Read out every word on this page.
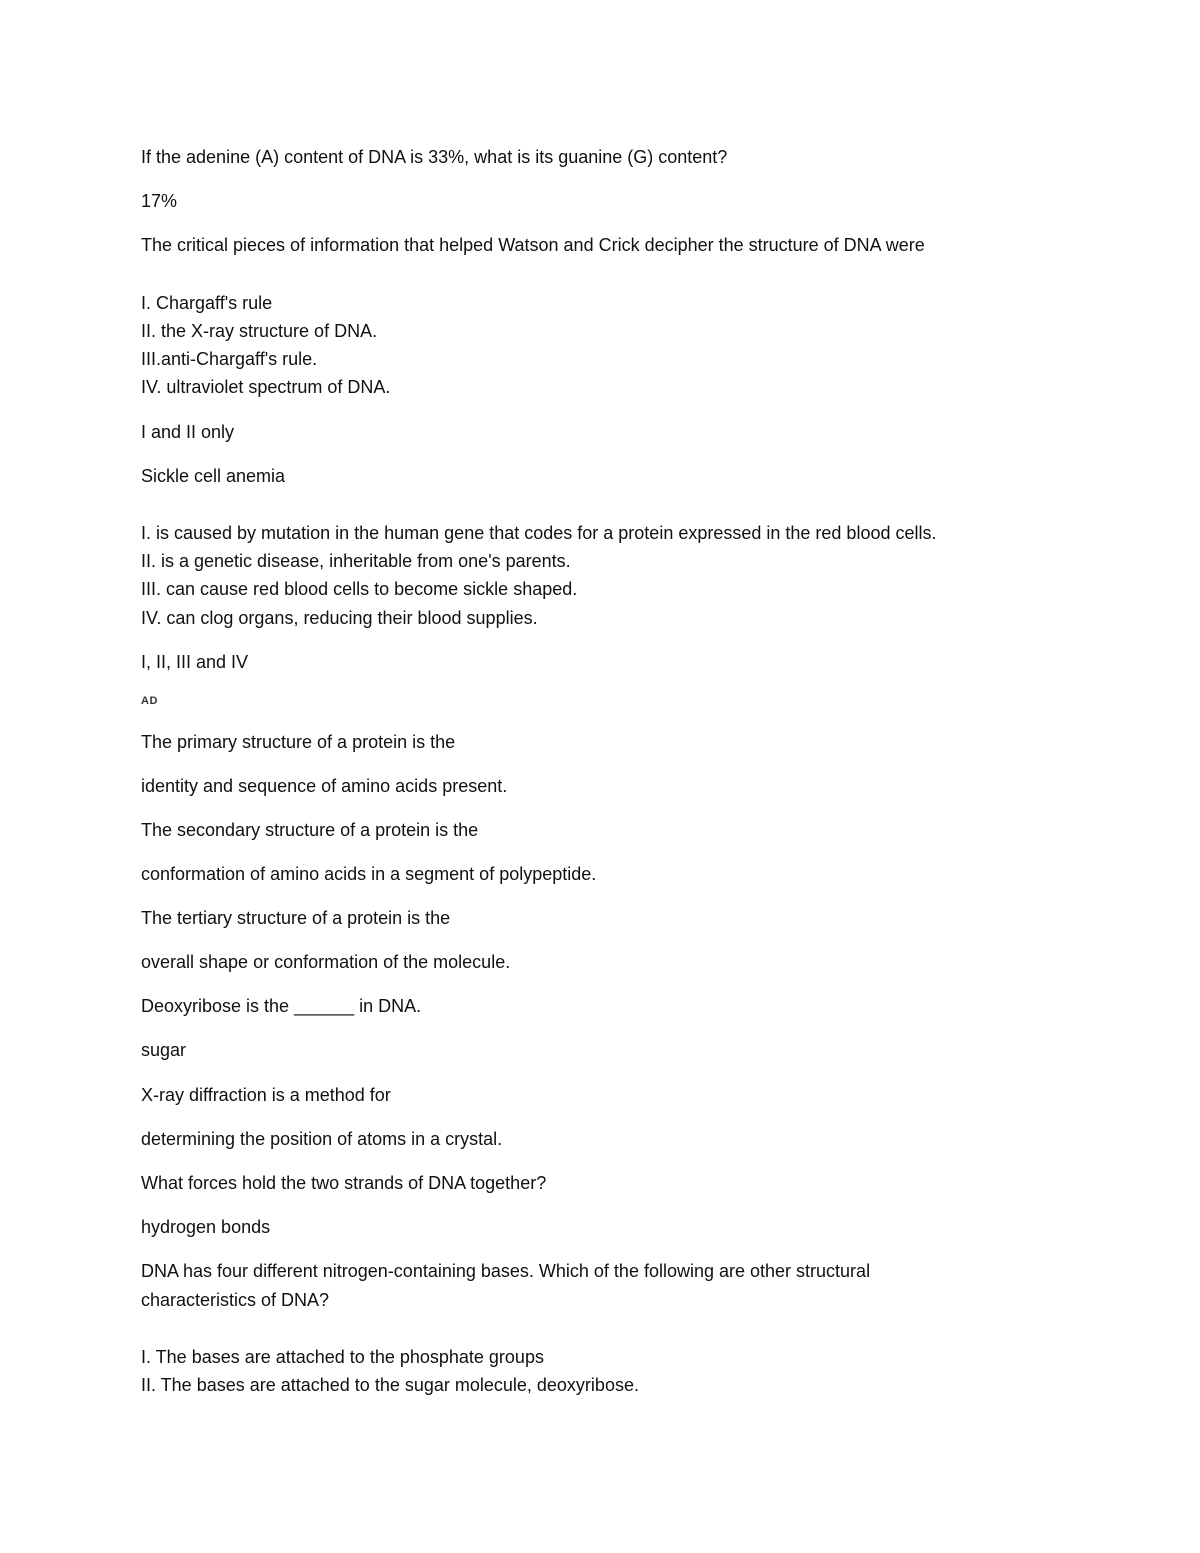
If the adenine (A) content of DNA is 33%, what is its guanine (G) content?
17%
The critical pieces of information that helped Watson and Crick decipher the structure of DNA were
I. Chargaff's rule
II. the X-ray structure of DNA.
III.anti-Chargaff's rule.
IV. ultraviolet spectrum of DNA.
I and II only
Sickle cell anemia
I. is caused by mutation in the human gene that codes for a protein expressed in the red blood cells.
II. is a genetic disease, inheritable from one's parents.
III. can cause red blood cells to become sickle shaped.
IV. can clog organs, reducing their blood supplies.
I, II, III and IV
AD
The primary structure of a protein is the
identity and sequence of amino acids present.
The secondary structure of a protein is the
conformation of amino acids in a segment of polypeptide.
The tertiary structure of a protein is the
overall shape or conformation of the molecule.
Deoxyribose is the ______ in DNA.
sugar
X-ray diffraction is a method for
determining the position of atoms in a crystal.
What forces hold the two strands of DNA together?
hydrogen bonds
DNA has four different nitrogen-containing bases. Which of the following are other structural
characteristics of DNA?
I. The bases are attached to the phosphate groups
II. The bases are attached to the sugar molecule, deoxyribose.
